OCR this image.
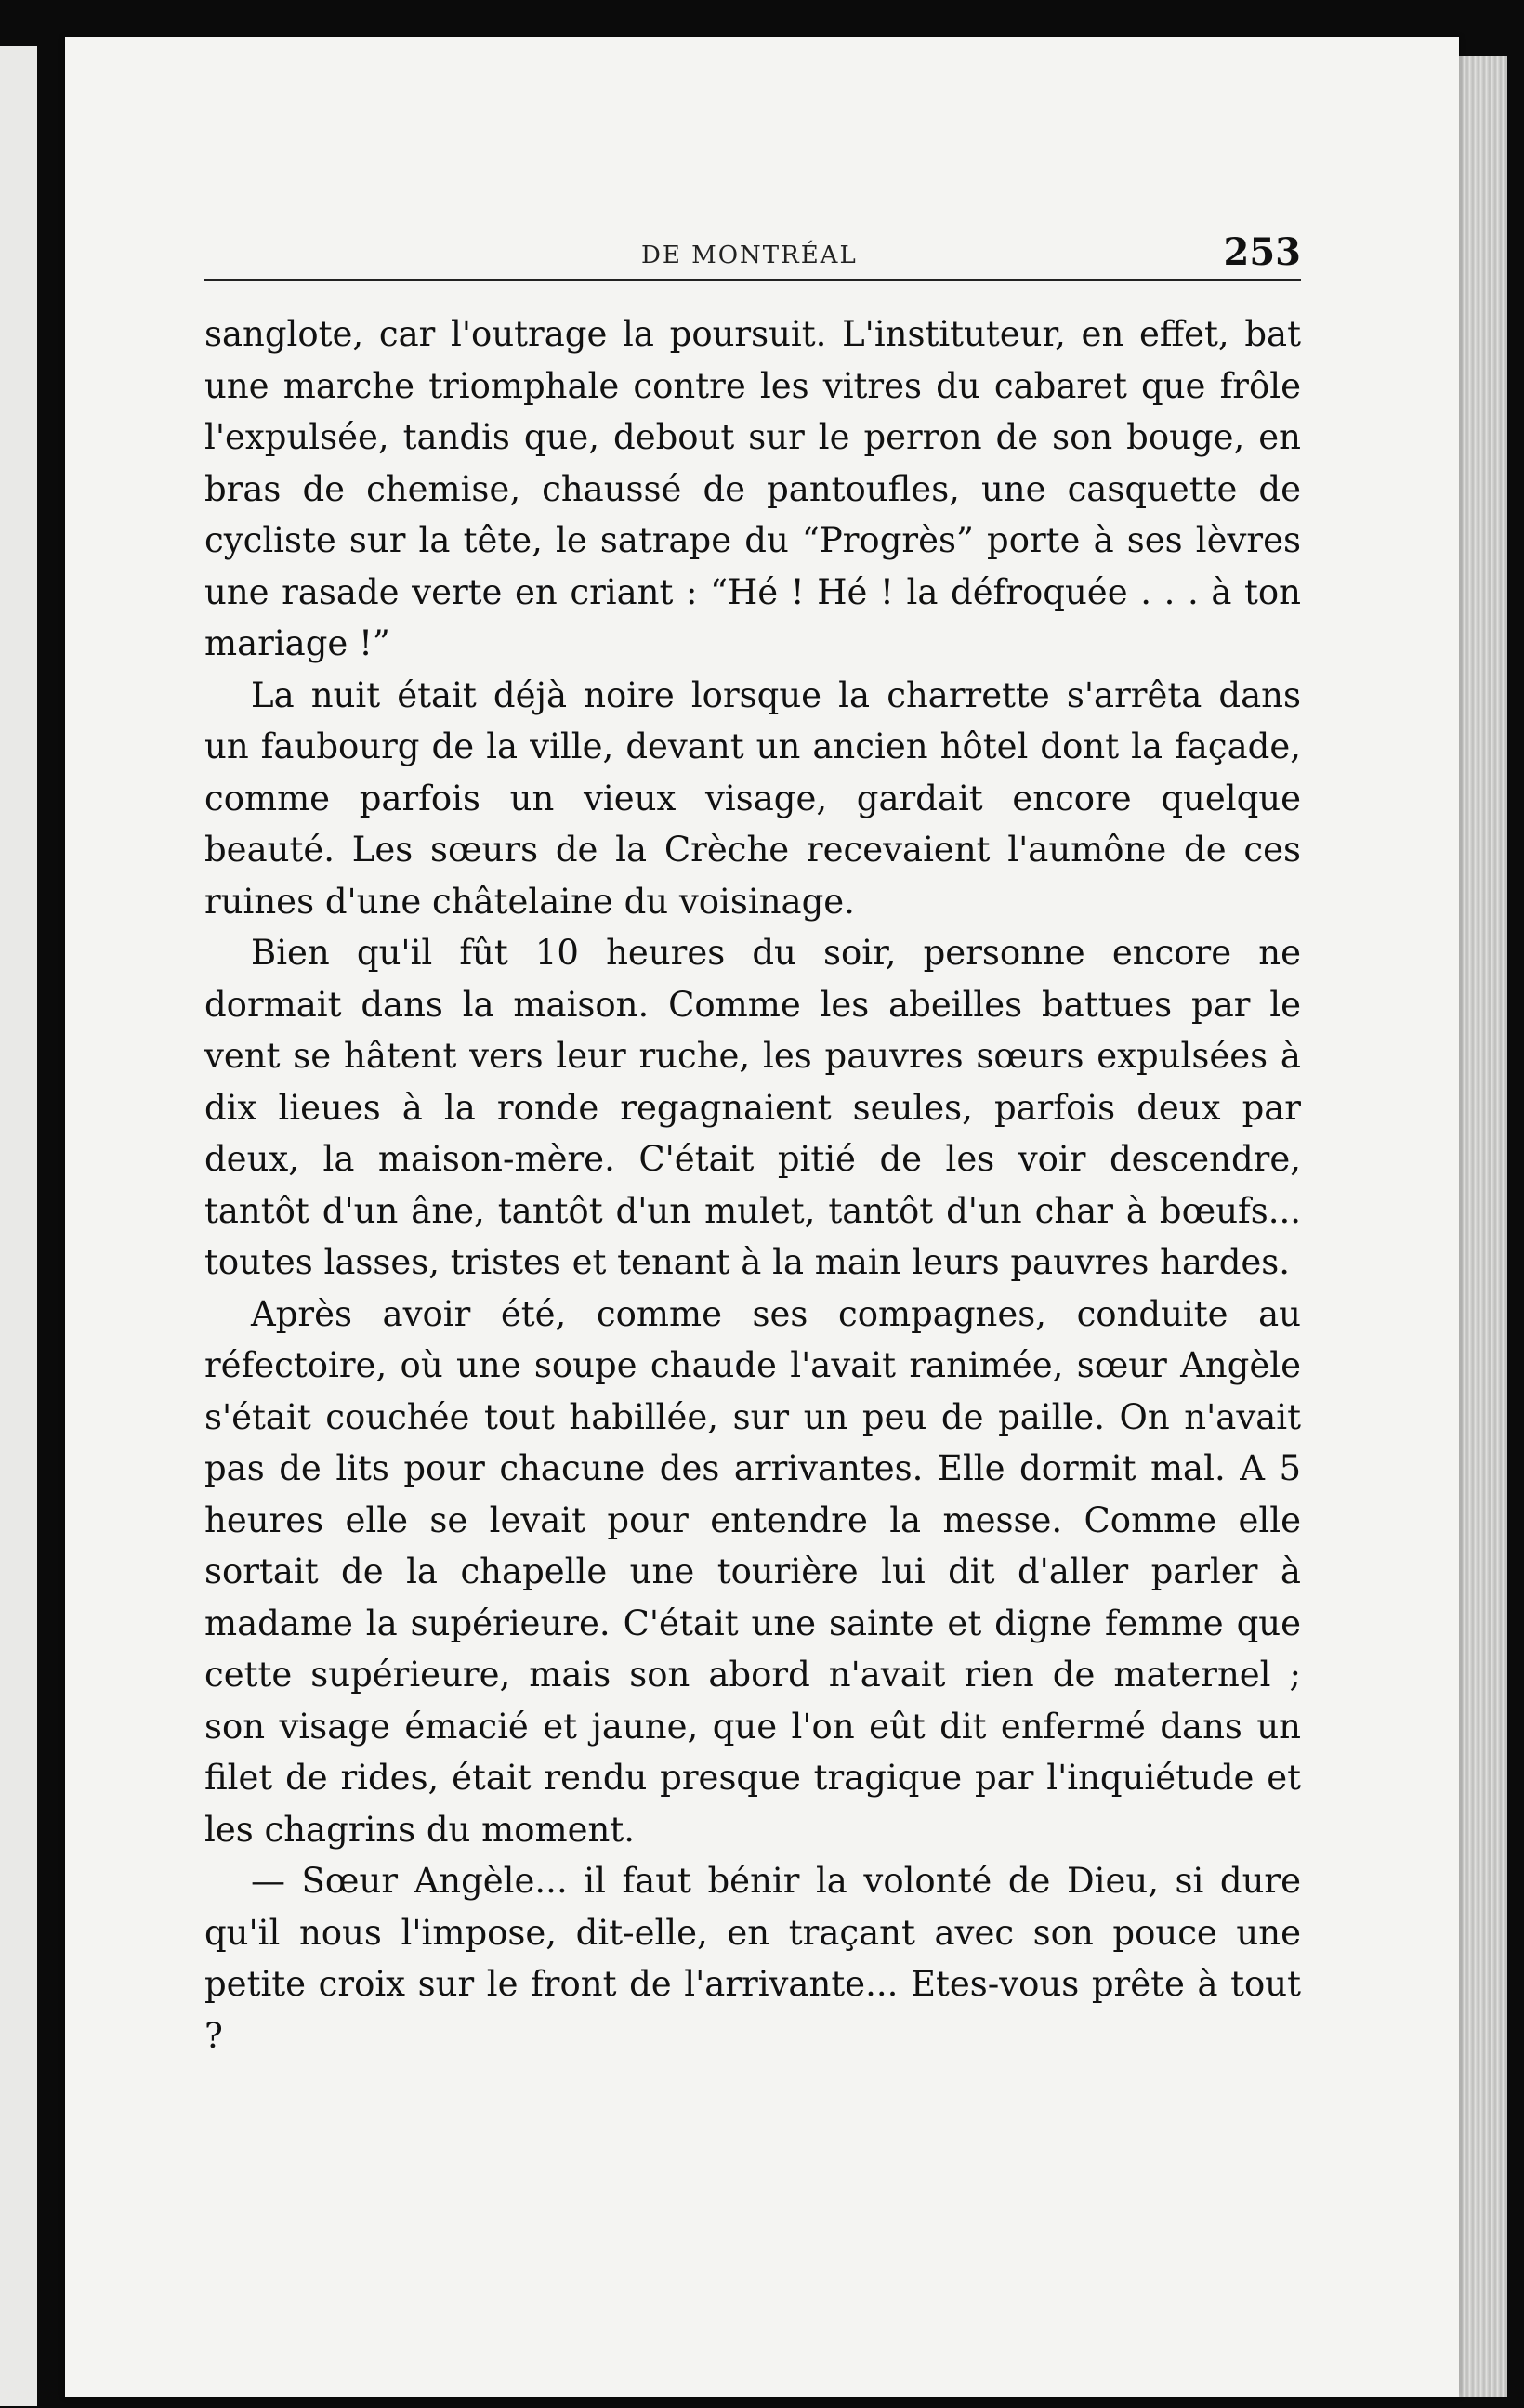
DE MONTRÉAL	253

sanglote, car l'outrage la poursuit. L'instituteur, en effet, bat une marche triomphale contre les vitres du cabaret que frôle l'expulsée, tandis que, debout sur le perron de son bouge, en bras de chemise, chaussé de pantoufles, une casquette de cycliste sur la tête, le satrape du “Progrès” porte à ses lèvres une rasade verte en criant : “Hé ! Hé ! la défroquée . . . à ton mariage !”

La nuit était déjà noire lorsque la charrette s'arrêta dans un faubourg de la ville, devant un ancien hôtel dont la façade, comme parfois un vieux visage, gardait encore quelque beauté. Les sœurs de la Crèche recevaient l'aumône de ces ruines d'une châtelaine du voisinage.

Bien qu'il fût 10 heures du soir, personne encore ne dormait dans la maison. Comme les abeilles battues par le vent se hâtent vers leur ruche, les pauvres sœurs expulsées à dix lieues à la ronde regagnaient seules, parfois deux par deux, la maison-mère. C'était pitié de les voir descendre, tantôt d'un âne, tantôt d'un mulet, tantôt d'un char à bœufs... toutes lasses, tristes et tenant à la main leurs pauvres hardes.

Après avoir été, comme ses compagnes, conduite au réfectoire, où une soupe chaude l'avait ranimée, sœur Angèle s'était couchée tout habillée, sur un peu de paille. On n'avait pas de lits pour chacune des arrivantes. Elle dormit mal. A 5 heures elle se levait pour entendre la messe. Comme elle sortait de la chapelle une tourière lui dit d'aller parler à madame la supérieure. C'était une sainte et digne femme que cette supérieure, mais son abord n'avait rien de maternel ; son visage émacié et jaune, que l'on eût dit enfermé dans un filet de rides, était rendu presque tragique par l'inquiétude et les chagrins du moment.

— Sœur Angèle... il faut bénir la volonté de Dieu, si dure qu'il nous l'impose, dit-elle, en traçant avec son pouce une petite croix sur le front de l'arrivante... Etes-vous prête à tout ?
